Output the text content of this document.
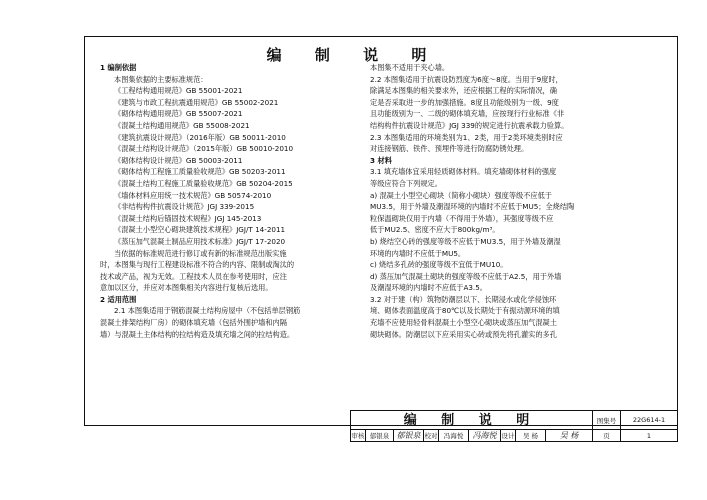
编 制 说 明
1 编制依据
本图集依据的主要标准规范：
《工程结构通用规范》GB 55001-2021
《建筑与市政工程抗震通用规范》GB 55002-2021
《砌体结构通用规范》GB 55007-2021
《混凝土结构通用规范》GB 55008-2021
《建筑抗震设计规范》（2016年版）GB 50011-2010
《混凝土结构设计规范》（2015年版）GB 50010-2010
《砌体结构设计规范》GB 50003-2011
《砌体结构工程施工质量验收规范》GB 50203-2011
《混凝土结构工程施工质量验收规范》GB 50204-2015
《墙体材料应用统一技术规范》GB 50574-2010
《非结构构件抗震设计规范》JGJ 339-2015
《混凝土结构后锚固技术规程》JGJ 145-2013
《混凝土小型空心砌块建筑技术规程》JGJ/T 14-2011
《蒸压加气混凝土制品应用技术标准》JGJ/T 17-2020
当依据的标准规范进行修订或有新的标准规范出版实施
时，本图集与现行工程建设标准不符合的内容、限制或淘汰的
技术或产品，视为无效。工程技术人员在参考使用时，应注
意加以区分，并应对本图集相关内容进行复核后选用。
2 适用范围
2.1 本图集适用于钢筋混凝土结构房屋中（不包括单层钢筋
混凝土排架结构厂房）的砌体填充墙（包括外围护墙和内隔
墙）与混凝土主体结构的拉结构造及填充墙之间的拉结构造。
本图集不适用于夹心墙。
2.2 本图集适用于抗震设防烈度为6度～8度。当用于9度时，
除满足本图集的相关要求外，还应根据工程的实际情况，确
定是否采取进一步的加强措施。8度且功能级别为一级、9度
且功能级别为一、二级的砌体填充墙，应按现行行业标准《非
结构构件抗震设计规范》JGJ 339的规定进行抗震承载力验算。
2.3 本图集适用的环境类别为1、2类，用于2类环境类别时应
对连接钢筋、铁件、预埋件等进行防腐防锈处理。
3 材料
3.1 填充墙体宜采用轻质砌体材料。填充墙砌体材料的强度
等级应符合下列规定。
a) 混凝土小型空心砌块（简称小砌块）强度等级不应低于
MU3.5，用于外墙及潮湿环境的内墙时不应低于MU5；全烧结陶
粒保温砌块仅用于内墙（不得用于外墙），其强度等级不应
低于MU2.5、密度不应大于800kg/m³。
b) 烧结空心砖的强度等级不应低于MU3.5，用于外墙及潮湿
环境的内墙时不应低于MU5。
c) 烧结多孔砖的强度等级不宜低于MU10。
d) 蒸压加气混凝土砌块的强度等级不应低于A2.5，用于外墙
及潮湿环境的内墙时不应低于A3.5。
3.2 对于建（构）筑物防潮层以下、长期浸水或化学侵蚀环
境、砌体表面温度高于80℃以及长期处于有振动源环境的填
充墙不应使用轻骨料混凝土小型空心砌块或蒸压加气混凝土
砌块砌体。防潮层以下应采用实心砖或预先将孔灌实的多孔
编 制 说 明	图集号	22G614-1
审核 郁银泉 郁银泉 校对 冯海悦	冯海悦 设计	吴 杨	吴 杨	页	1
